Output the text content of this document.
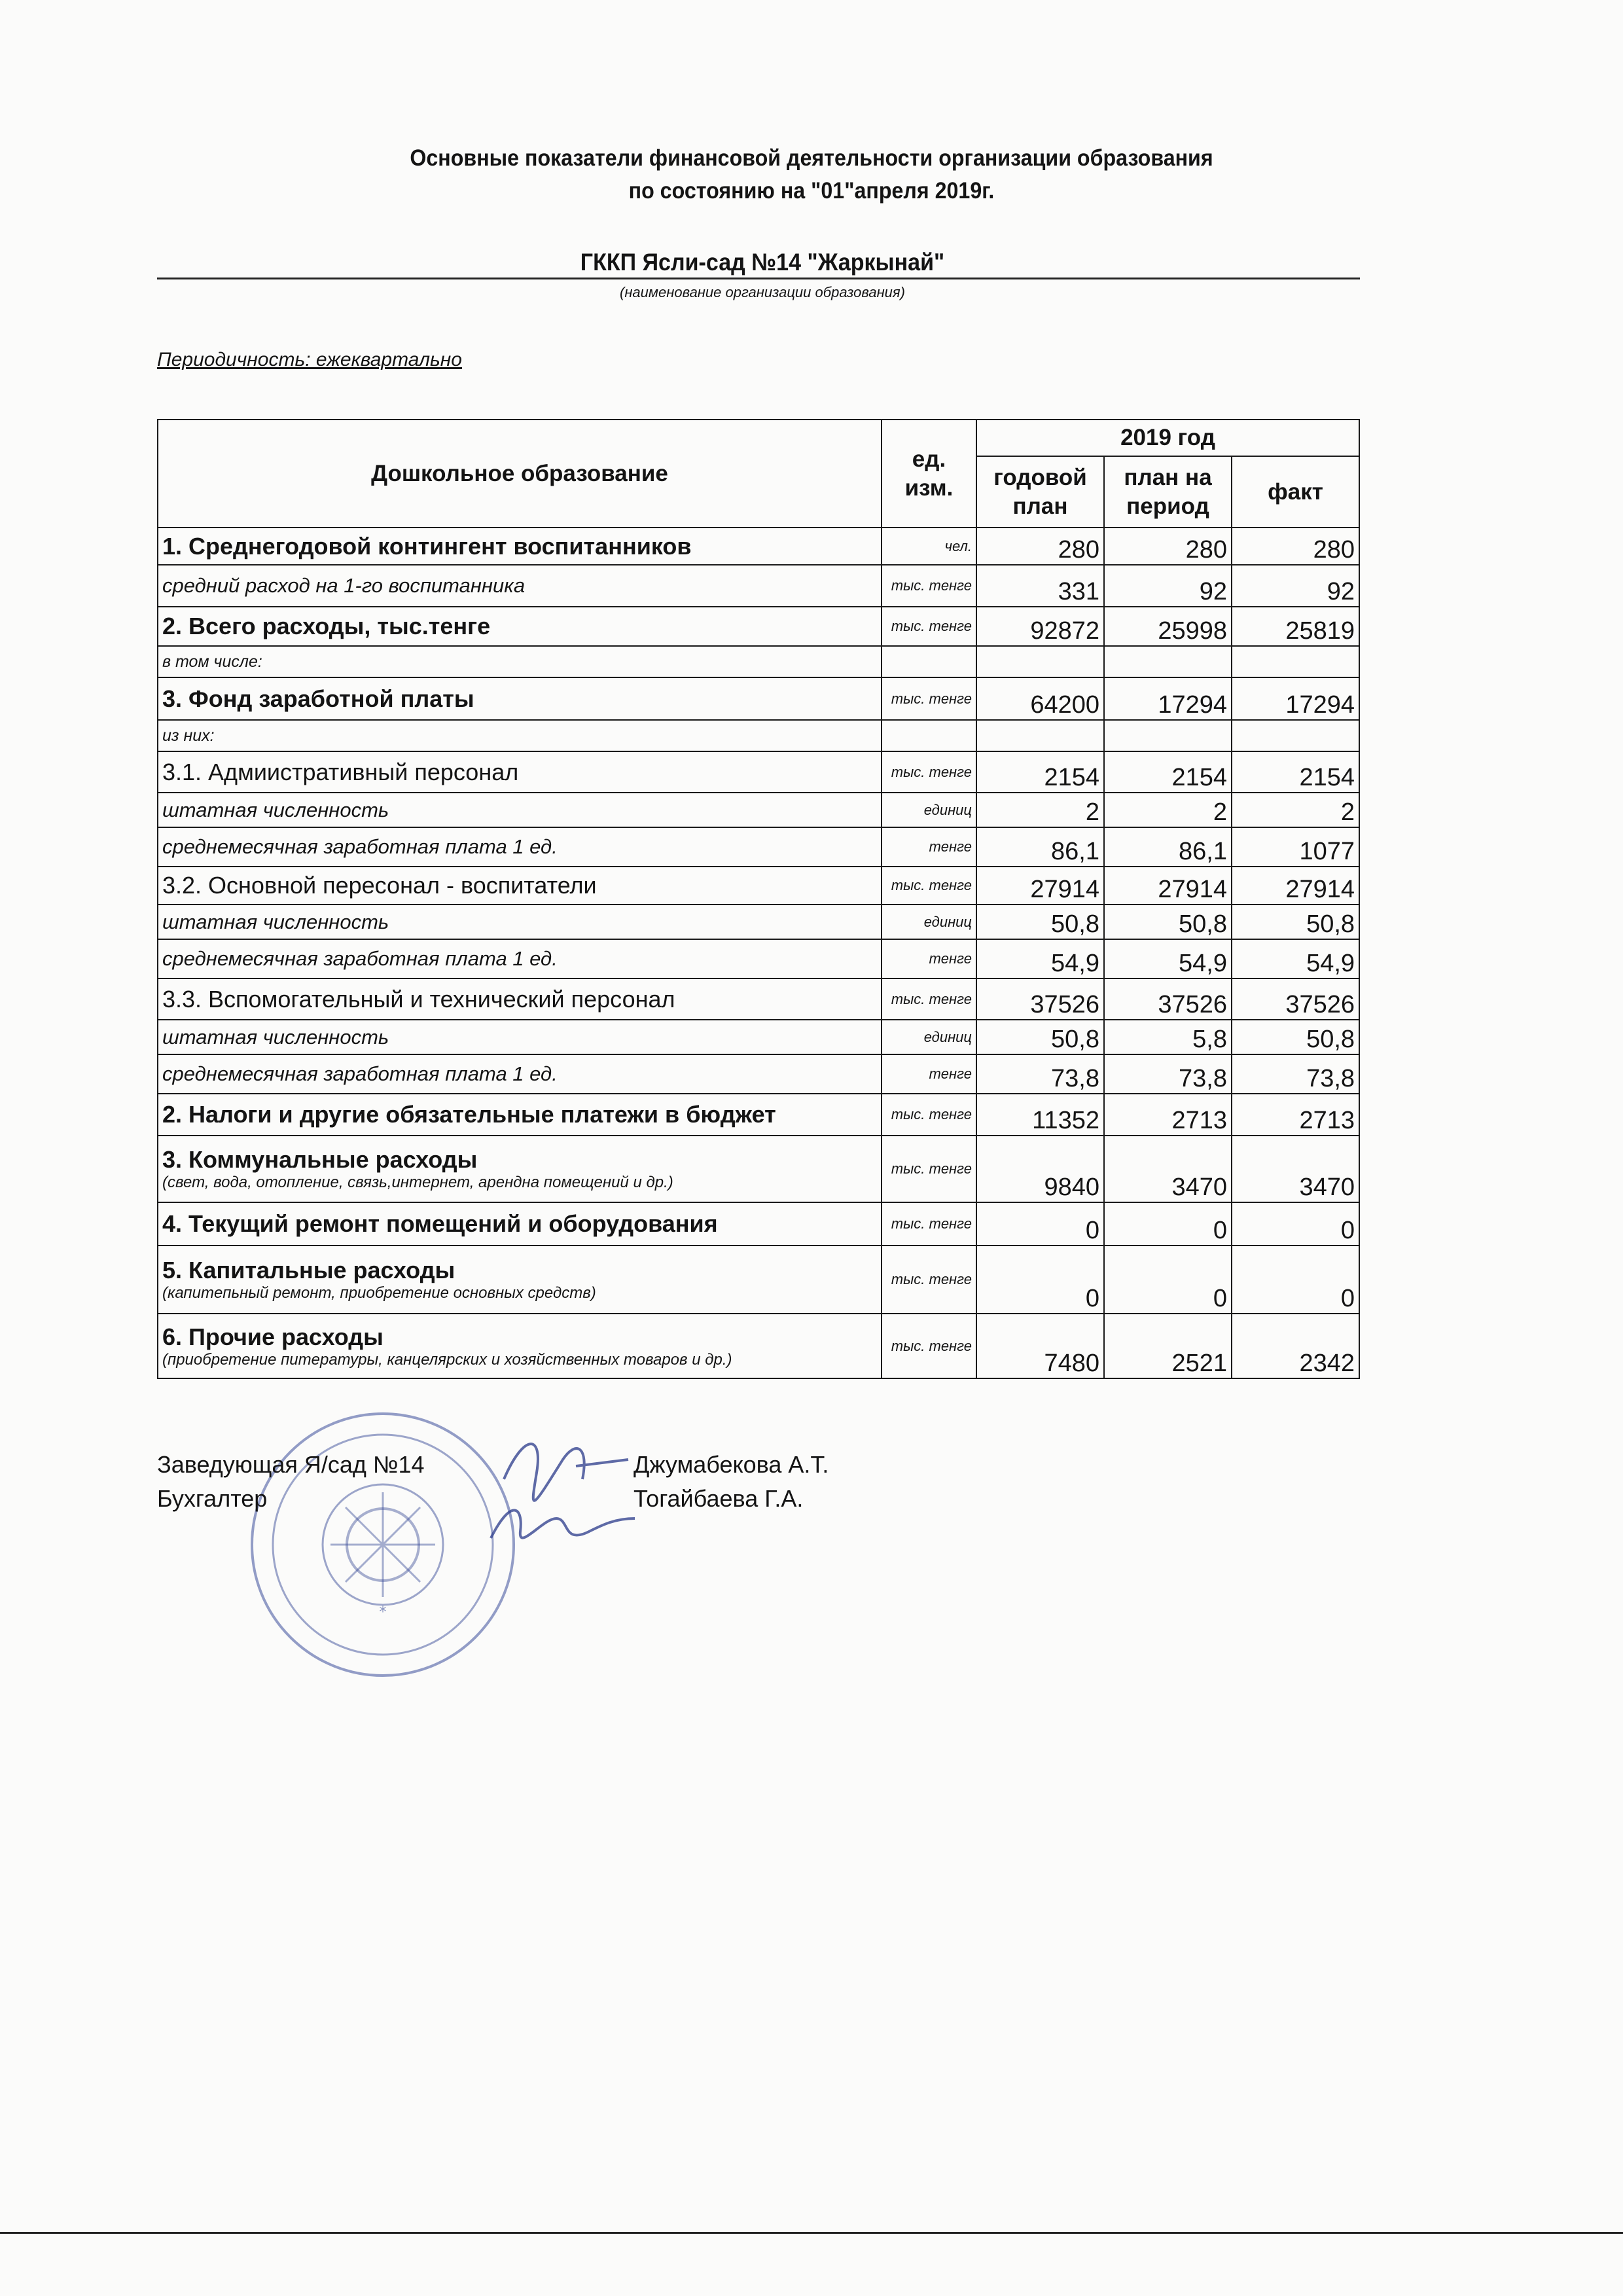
Основные показатели финансовой деятельности организации образования
по состоянию на "01"апреля 2019г.
ГККП Ясли-сад №14 "Жаркынай"
(наименование организации образования)
Периодичность: ежеквартально
Дошкольное образование	ед. изм.	2019 год		
		годовой план	план на период	факт
1. Среднегодовой контингент воспитанников	чел.	280	280	280
средний расход на 1-го воспитанника	тыс. тенге	331	92	92
2. Всего расходы, тыс.тенге	тыс. тенге	92872	25998	25819
в том числе:				
3. Фонд заработной платы	тыс. тенге	64200	17294	17294
из них:				
3.1. Адмиистративный персонал	тыс. тенге	2154	2154	2154
штатная численность	единиц	2	2	2
среднемесячная заработная плата 1 ед.	тенге	86,1	86,1	1077
3.2. Основной пересонал - воспитатели	тыс. тенге	27914	27914	27914
штатная численность	единиц	50,8	50,8	50,8
среднемесячная заработная плата 1 ед.	тенге	54,9	54,9	54,9
3.3. Вспомогательный и технический персонал	тыс. тенге	37526	37526	37526
штатная численность	единиц	50,8	5,8	50,8
среднемесячная заработная плата 1 ед.	тенге	73,8	73,8	73,8
2. Налоги и другие обязательные платежи в бюджет	тыс. тенге	11352	2713	2713
3. Коммунальные расходы
(свет, вода, отопление, связь,интернет, арендна помещений и др.)	тыс. тенге	9840	3470	3470
4. Текущий ремонт помещений и оборудования	тыс. тенге	0	0	0
5. Капитальные расходы
(капитепьный ремонт, приобретение основных средств)	тыс. тенге	0	0	0
6. Прочие расходы
(приобретение питературы, канцелярских и хозяйственных товаров и др.)	тыс. тенге	7480	2521	2342
*
Заведующая Я/сад №14
Бухгалтер
Джумабекова А.Т.
Тогайбаева Г.А.
